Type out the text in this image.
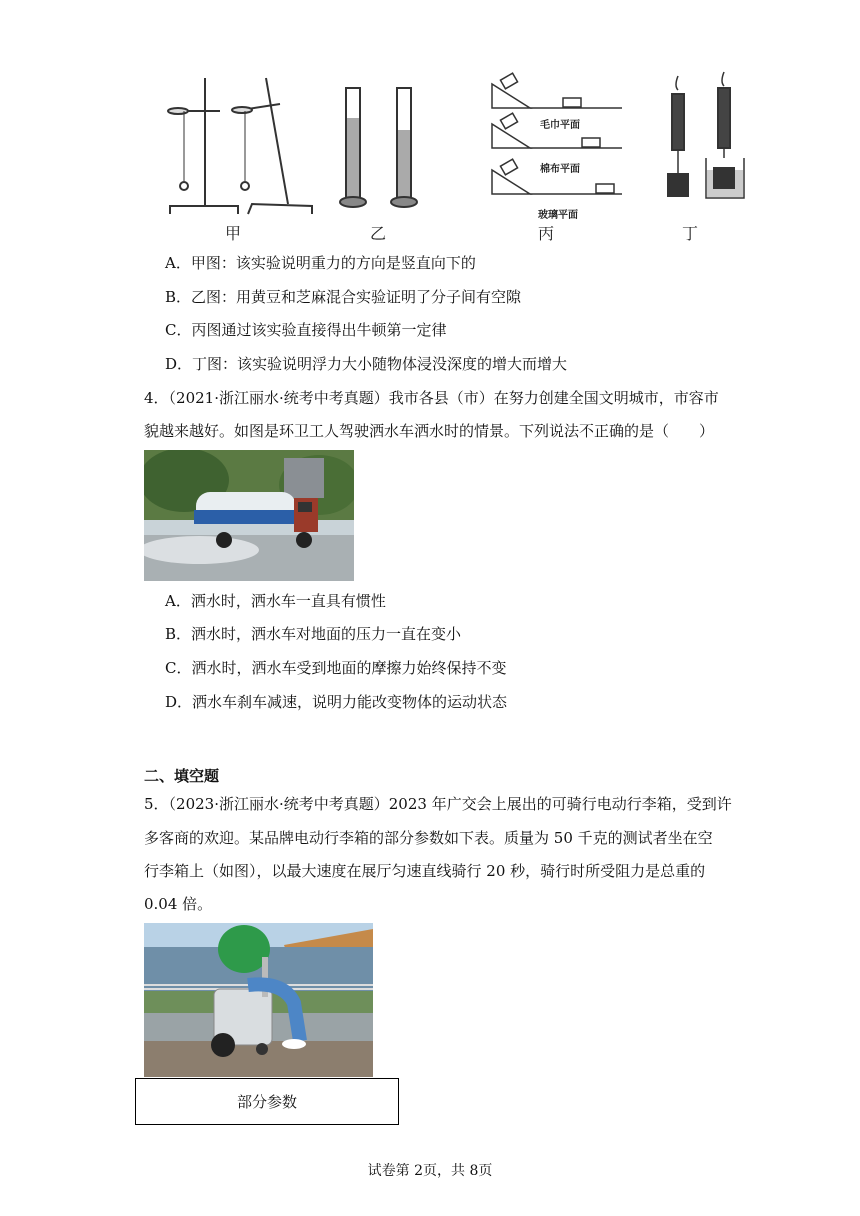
甲	乙	丙	丁
毛巾平面
棉布平面
玻璃平面
A．甲图：该实验说明重力的方向是竖直向下的
B．乙图：用黄豆和芝麻混合实验证明了分子间有空隙
C．丙图通过该实验直接得出牛顿第一定律
D．丁图：该实验说明浮力大小随物体浸没深度的增大而增大
4．（2021·浙江丽水·统考中考真题）我市各县（市）在努力创建全国文明城市，市容市
貌越来越好。如图是环卫工人驾驶洒水车洒水时的情景。下列说法不正确的是（　　）
A．洒水时，洒水车一直具有惯性
B．洒水时，洒水车对地面的压力一直在变小
C．洒水时，洒水车受到地面的摩擦力始终保持不变
D．洒水车刹车减速，说明力能改变物体的运动状态
二、填空题
5．（2023·浙江丽水·统考中考真题）2023 年广交会上展出的可骑行电动行李箱，受到许
多客商的欢迎。某品牌电动行李箱的部分参数如下表。质量为 50 千克的测试者坐在空
行李箱上（如图），以最大速度在展厅匀速直线骑行 20 秒，骑行时所受阻力是总重的
0.04 倍。
部分参数
试卷第 2页，共 8页
